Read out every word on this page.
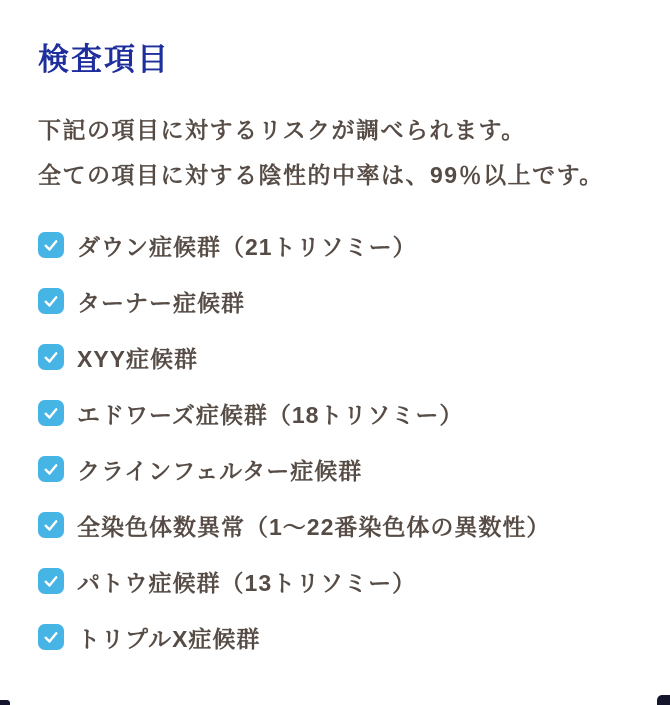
検査項目

下記の項目に対するリスクが調べられます。
全ての項目に対する陰性的中率は、99％以上です。

ダウン症候群（21トリソミー）
ターナー症候群
XYY症候群
エドワーズ症候群（18トリソミー）
クラインフェルター症候群
全染色体数異常（1〜22番染色体の異数性）
パトウ症候群（13トリソミー）
トリプルX症候群
